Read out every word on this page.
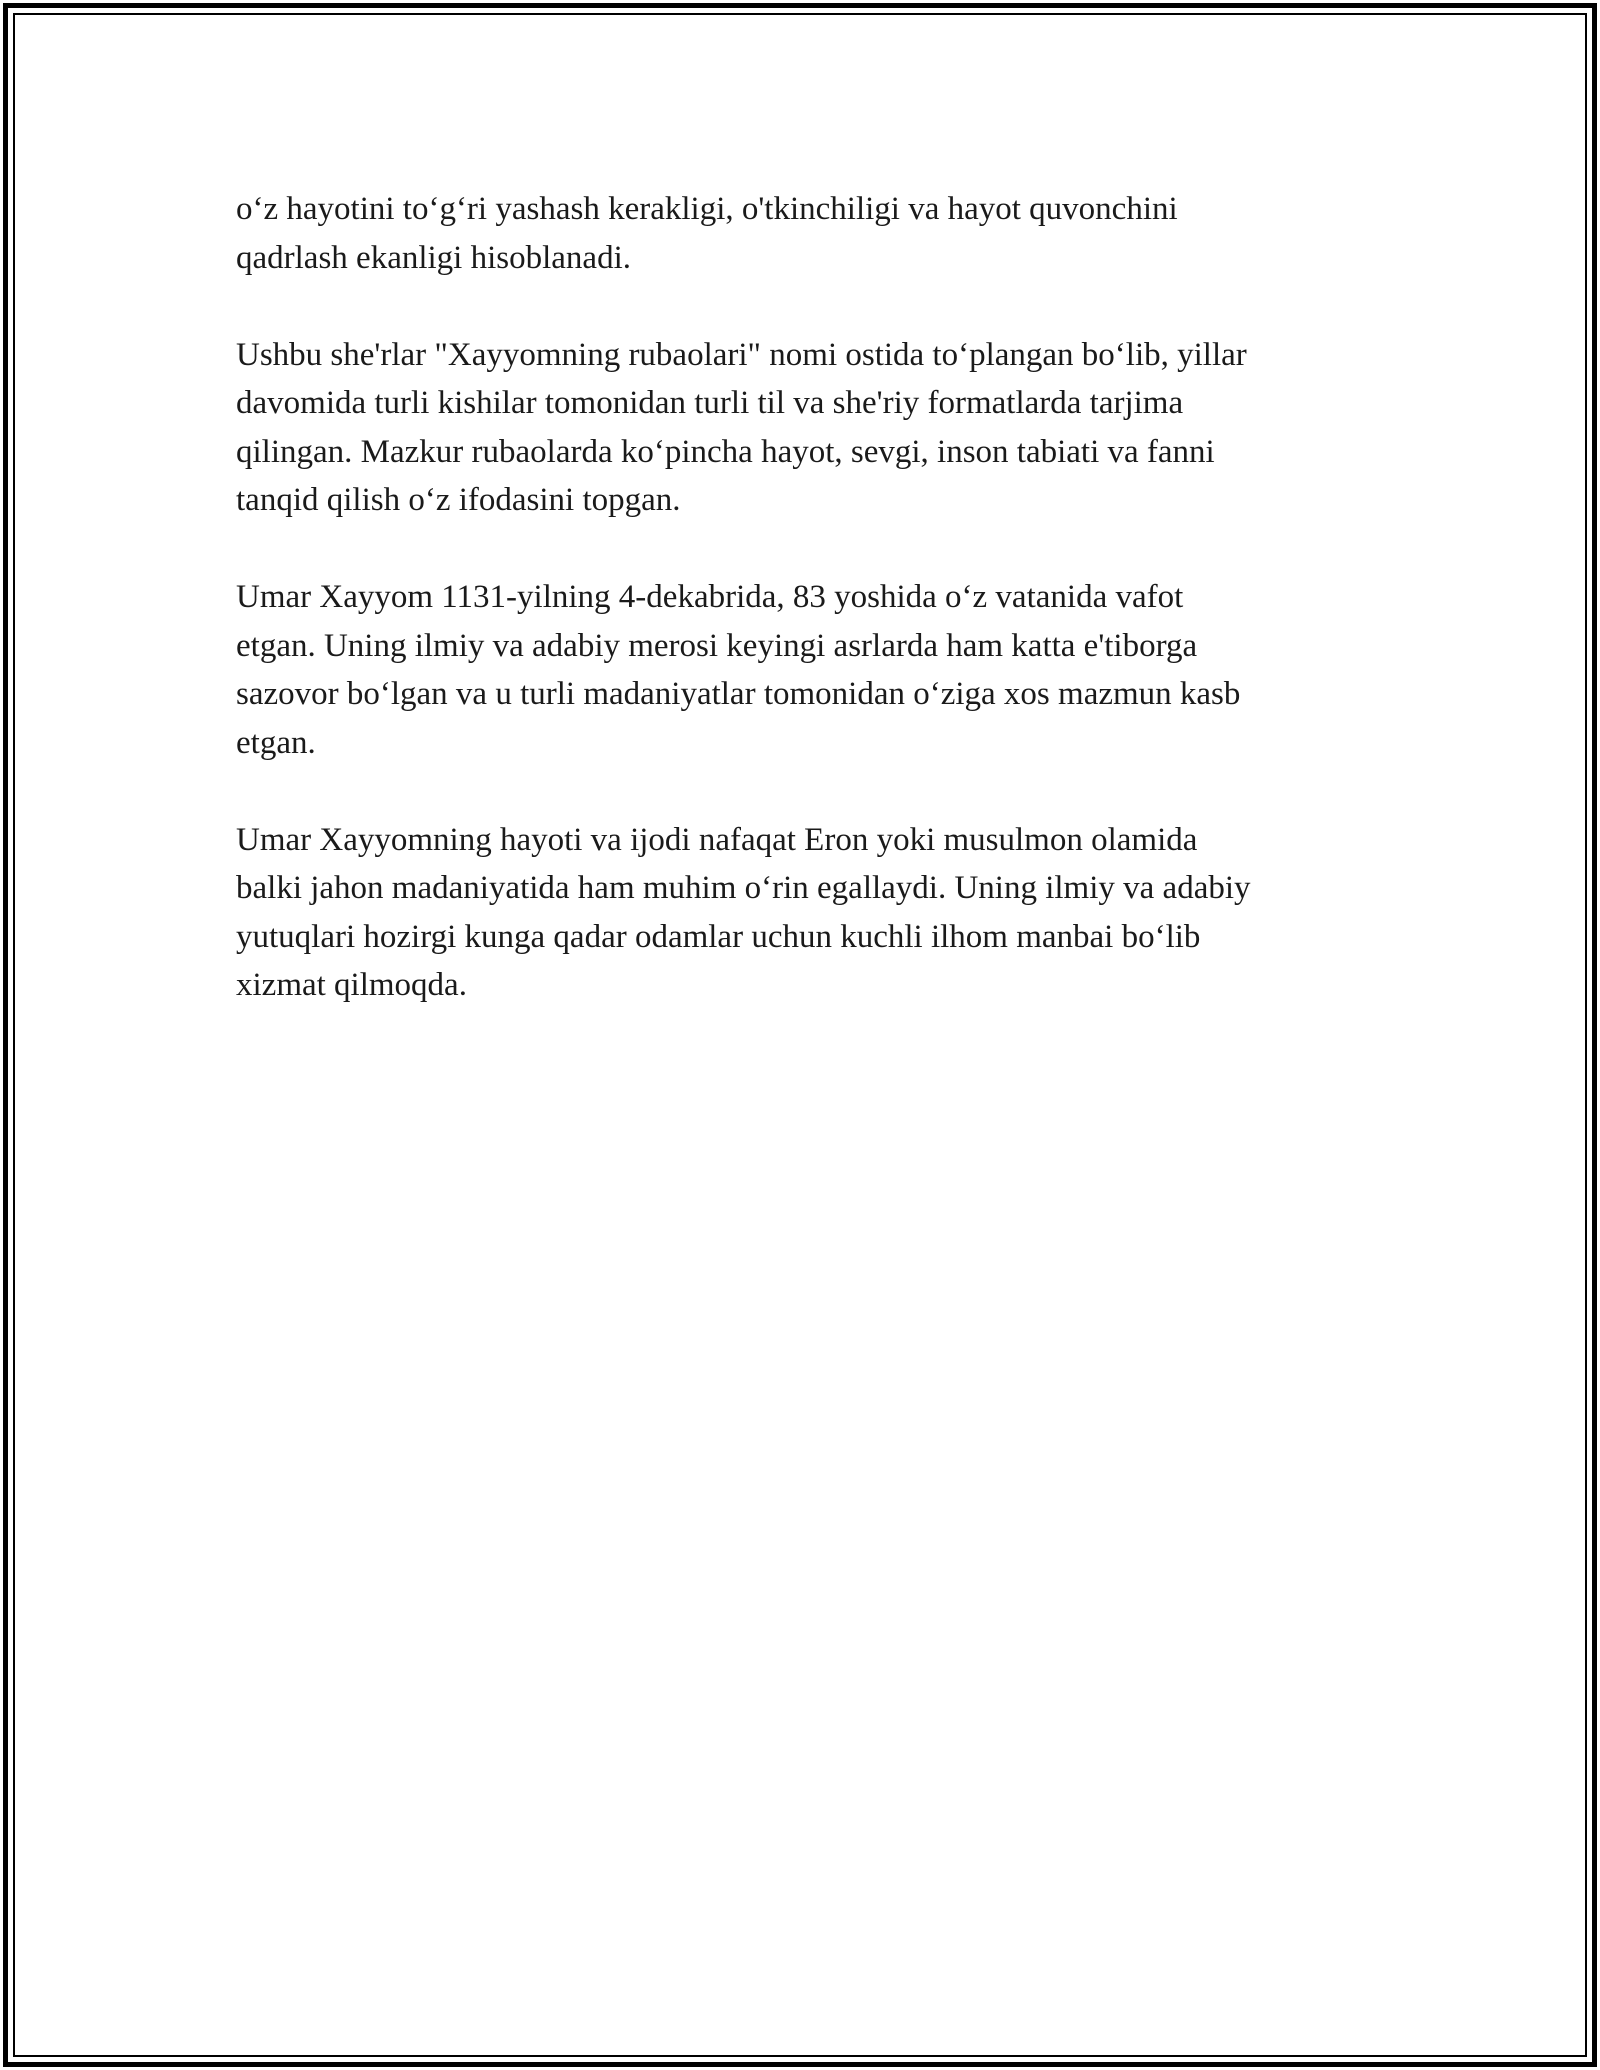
o‘z hayotini to‘g‘ri yashash kerakligi, o'tkinchiligi va hayot quvonchini
qadrlash ekanligi hisoblanadi.

Ushbu she'rlar "Xayyomning rubaolari" nomi ostida to‘plangan bo‘lib, yillar
davomida turli kishilar tomonidan turli til va she'riy formatlarda tarjima
qilingan. Mazkur rubaolarda ko‘pincha hayot, sevgi, inson tabiati va fanni
tanqid qilish o‘z ifodasini topgan.

Umar Xayyom 1131-yilning 4-dekabrida, 83 yoshida o‘z vatanida vafot
etgan. Uning ilmiy va adabiy merosi keyingi asrlarda ham katta e'tiborga
sazovor bo‘lgan va u turli madaniyatlar tomonidan o‘ziga xos mazmun kasb
etgan.

Umar Xayyomning hayoti va ijodi nafaqat Eron yoki musulmon olamida
balki jahon madaniyatida ham muhim o‘rin egallaydi. Uning ilmiy va adabiy
yutuqlari hozirgi kunga qadar odamlar uchun kuchli ilhom manbai bo‘lib
xizmat qilmoqda.
